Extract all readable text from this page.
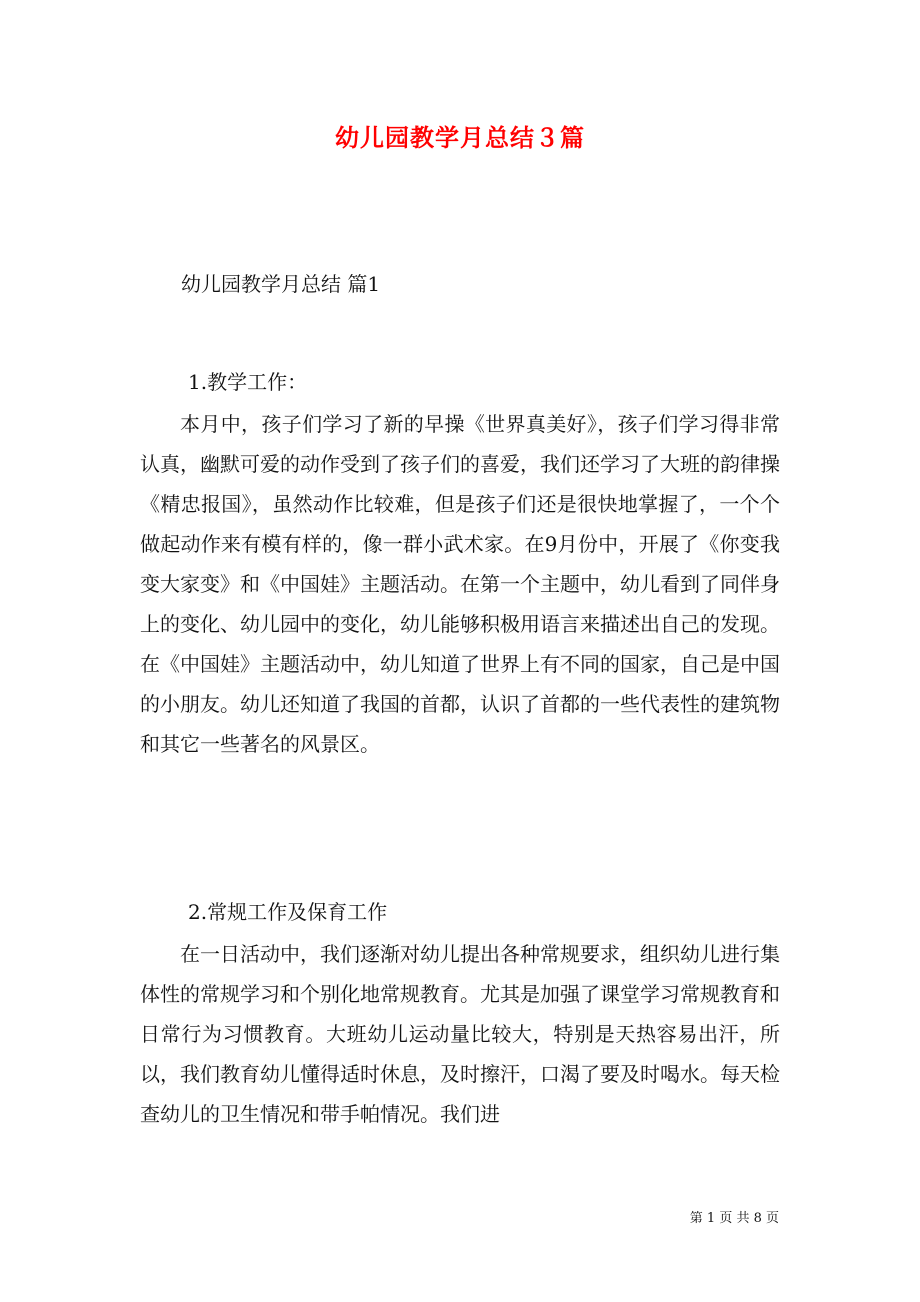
幼儿园教学月总结３篇
幼儿园教学月总结 篇1
1.教学工作：
本月中，孩子们学习了新的早操《世界真美好》，孩子们学习得非常认真，幽默可爱的动作受到了孩子们的喜爱，我们还学习了大班的韵律操《精忠报国》，虽然动作比较难，但是孩子们还是很快地掌握了，一个个做起动作来有模有样的，像一群小武术家。在9月份中，开展了《你变我变大家变》和《中国娃》主题活动。在第一个主题中，幼儿看到了同伴身上的变化、幼儿园中的变化，幼儿能够积极用语言来描述出自己的发现。在《中国娃》主题活动中，幼儿知道了世界上有不同的国家，自己是中国的小朋友。幼儿还知道了我国的首都，认识了首都的一些代表性的建筑物和其它一些著名的风景区。
2.常规工作及保育工作
在一日活动中，我们逐渐对幼儿提出各种常规要求，组织幼儿进行集体性的常规学习和个别化地常规教育。尤其是加强了课堂学习常规教育和日常行为习惯教育。大班幼儿运动量比较大，特别是天热容易出汗，所以，我们教育幼儿懂得适时休息，及时擦汗，口渴了要及时喝水。每天检查幼儿的卫生情况和带手帕情况。我们进
第 1 页 共 8 页
